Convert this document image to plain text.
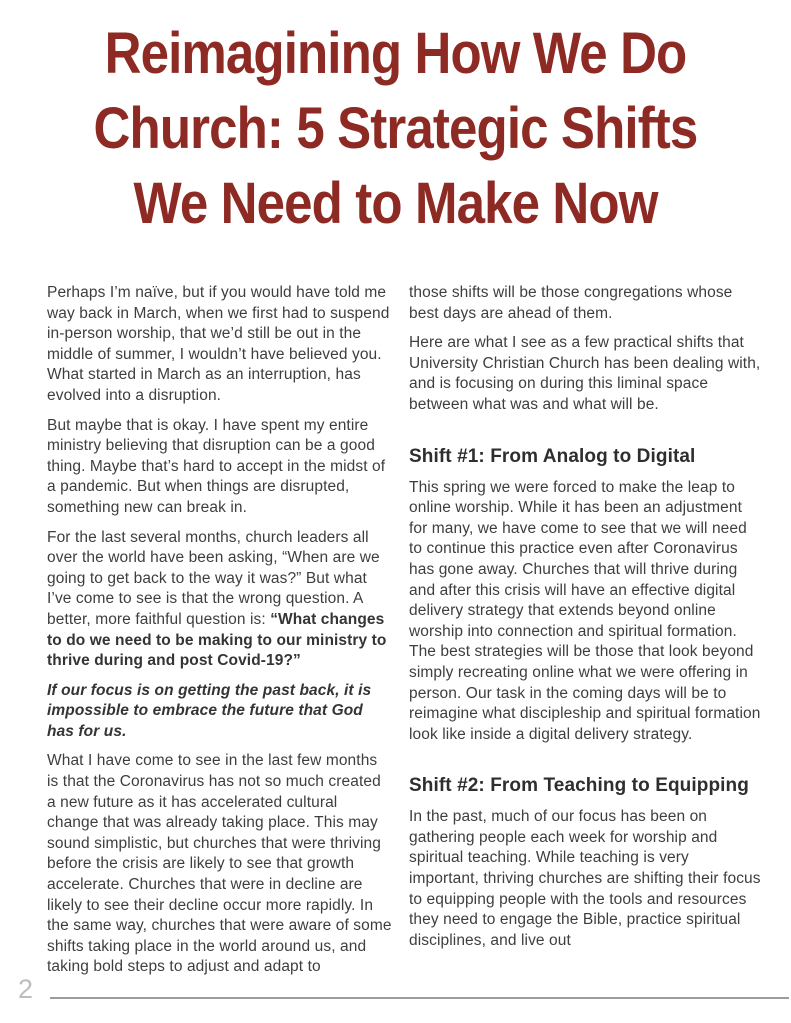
Reimagining How We Do
Church: 5 Strategic Shifts
We Need to Make Now

Perhaps I’m naïve, but if you would have told me way back in March, when we first had to suspend in-person worship, that we’d still be out in the middle of summer, I wouldn’t have believed you. What started in March as an interruption, has evolved into a disruption.

But maybe that is okay. I have spent my entire ministry believing that disruption can be a good thing. Maybe that’s hard to accept in the midst of a pandemic. But when things are disrupted, something new can break in.

For the last several months, church leaders all over the world have been asking, “When are we going to get back to the way it was?” But what I’ve come to see is that the wrong question. A better, more faithful question is: “What changes to do we need to be making to our ministry to thrive during and post Covid-19?”

If our focus is on getting the past back, it is impossible to embrace the future that God has for us.

What I have come to see in the last few months is that the Coronavirus has not so much created a new future as it has accelerated cultural change that was already taking place. This may sound simplistic, but churches that were thriving before the crisis are likely to see that growth accelerate. Churches that were in decline are likely to see their decline occur more rapidly. In the same way, churches that were aware of some shifts taking place in the world around us, and taking bold steps to adjust and adapt to

those shifts will be those congregations whose best days are ahead of them.

Here are what I see as a few practical shifts that University Christian Church has been dealing with, and is focusing on during this liminal space between what was and what will be.

Shift #1: From Analog to Digital

This spring we were forced to make the leap to online worship. While it has been an adjustment for many, we have come to see that we will need to continue this practice even after Coronavirus has gone away. Churches that will thrive during and after this crisis will have an effective digital delivery strategy that extends beyond online worship into connection and spiritual formation. The best strategies will be those that look beyond simply recreating online what we were offering in person. Our task in the coming days will be to reimagine what discipleship and spiritual formation look like inside a digital delivery strategy.

Shift #2: From Teaching to Equipping

In the past, much of our focus has been on gathering people each week for worship and spiritual teaching. While teaching is very important, thriving churches are shifting their focus to equipping people with the tools and resources they need to engage the Bible, practice spiritual disciplines, and live out

2
